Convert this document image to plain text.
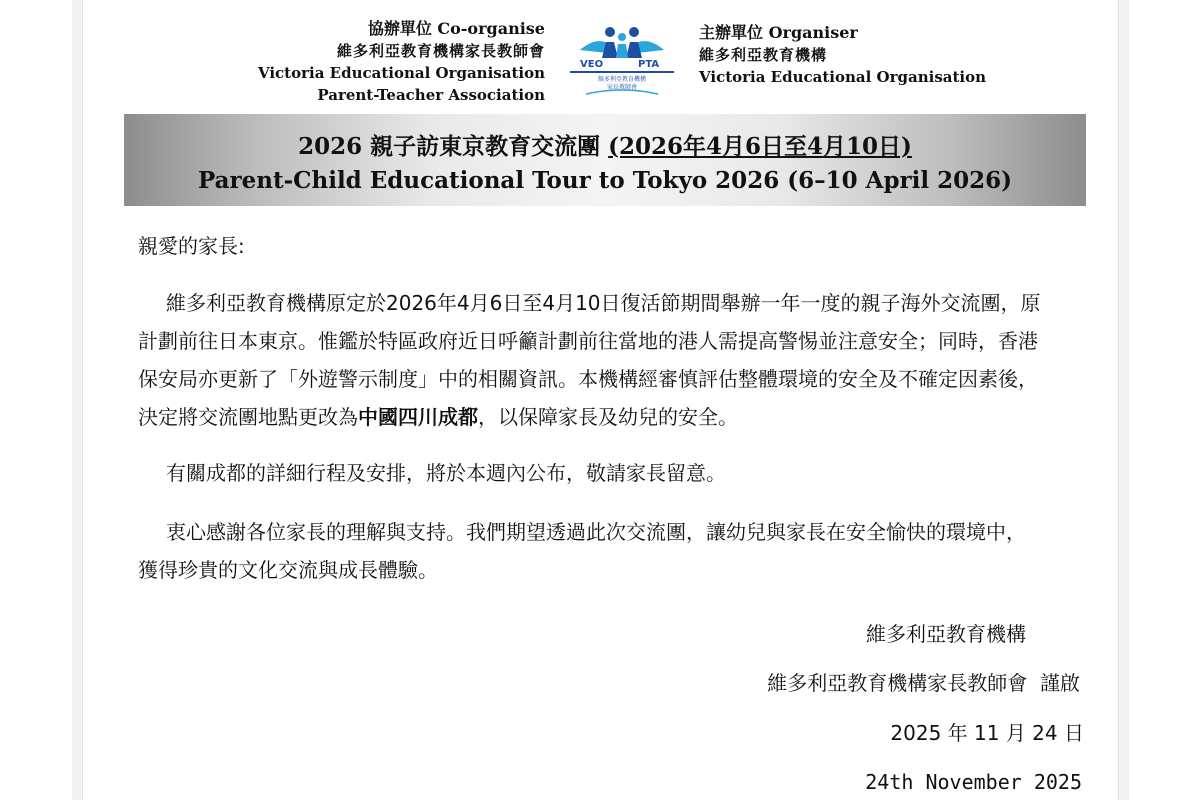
協辦單位 Co-organise
維多利亞教育機構家長教師會
Victoria Educational Organisation
Parent-Teacher Association
VEO	PTA
維多利亞教育機構
家長教師會
主辦單位 Organiser
維多利亞教育機構
Victoria Educational Organisation
2026 親子訪東京教育交流團 (2026年4月6日至4月10日)
Parent-Child Educational Tour to Tokyo 2026 (6–10 April 2026)
親愛的家長:

維多利亞教育機構原定於2026年4月6日至4月10日復活節期間舉辦一年一度的親子海外交流團，原

計劃前往日本東京。惟鑑於特區政府近日呼籲計劃前往當地的港人需提高警惕並注意安全；同時，香港

保安局亦更新了「外遊警示制度」中的相關資訊。本機構經審慎評估整體環境的安全及不確定因素後，

決定將交流團地點更改為中國四川成都，以保障家長及幼兒的安全。

有關成都的詳細行程及安排，將於本週內公布，敬請家長留意。

衷心感謝各位家長的理解與支持。我們期望透過此次交流團，讓幼兒與家長在安全愉快的環境中，

獲得珍貴的文化交流與成長體驗。

維多利亞教育機構
維多利亞教育機構家長教師會  謹啟
2025 年 11 月 24 日
24th November 2025
